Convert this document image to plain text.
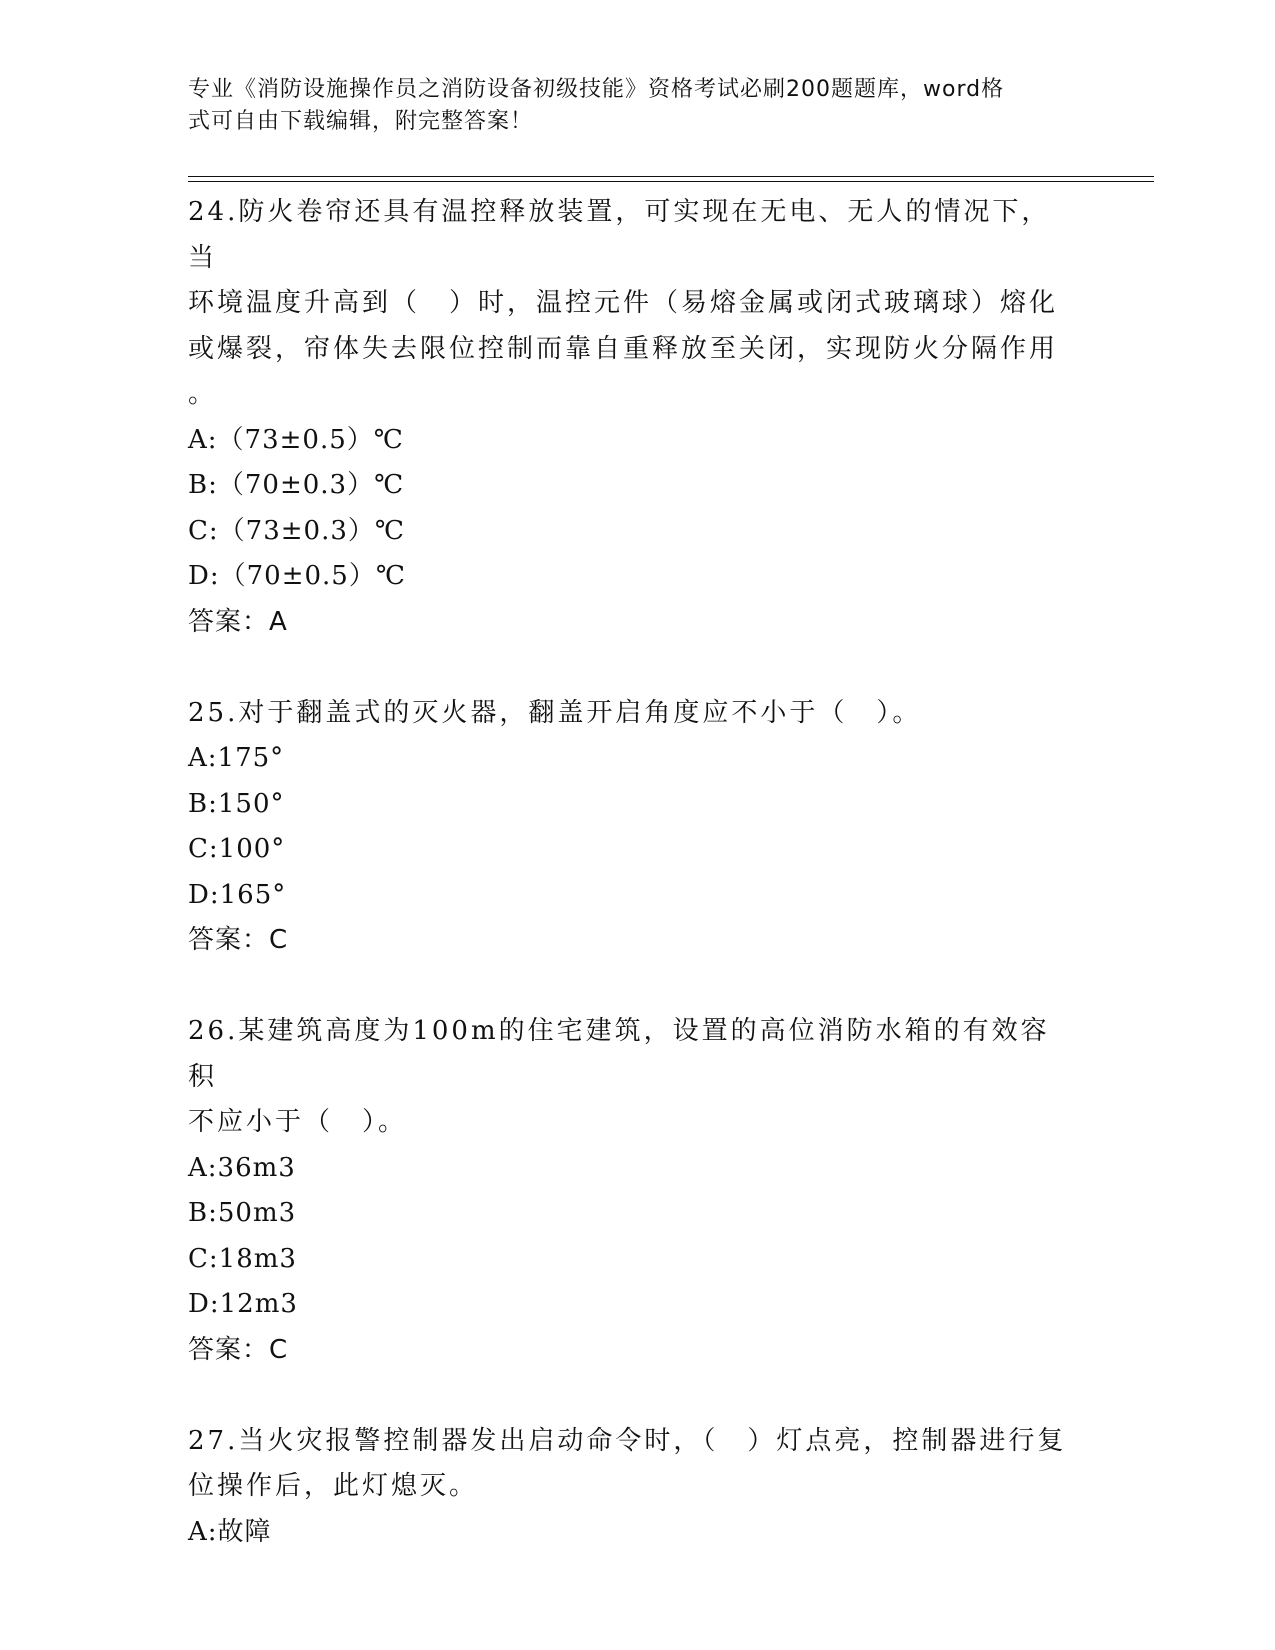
专业《消防设施操作员之消防设备初级技能》资格考试必刷200题题库，word格
式可自由下载编辑，附完整答案！
24.防火卷帘还具有温控释放装置，可实现在无电、无人的情况下，当
环境温度升高到（　）时，温控元件（易熔金属或闭式玻璃球）熔化
或爆裂，帘体失去限位控制而靠自重释放至关闭，实现防火分隔作用
。
A:（73±0.5）℃
B:（70±0.3）℃
C:（73±0.3）℃
D:（70±0.5）℃
答案：A
25.对于翻盖式的灭火器，翻盖开启角度应不小于（　）。
A:175°
B:150°
C:100°
D:165°
答案：C
26.某建筑高度为100m的住宅建筑，设置的高位消防水箱的有效容积
不应小于（　）。
A:36m3
B:50m3
C:18m3
D:12m3
答案：C
27.当火灾报警控制器发出启动命令时，（　）灯点亮，控制器进行复
位操作后，此灯熄灭。
A:故障
